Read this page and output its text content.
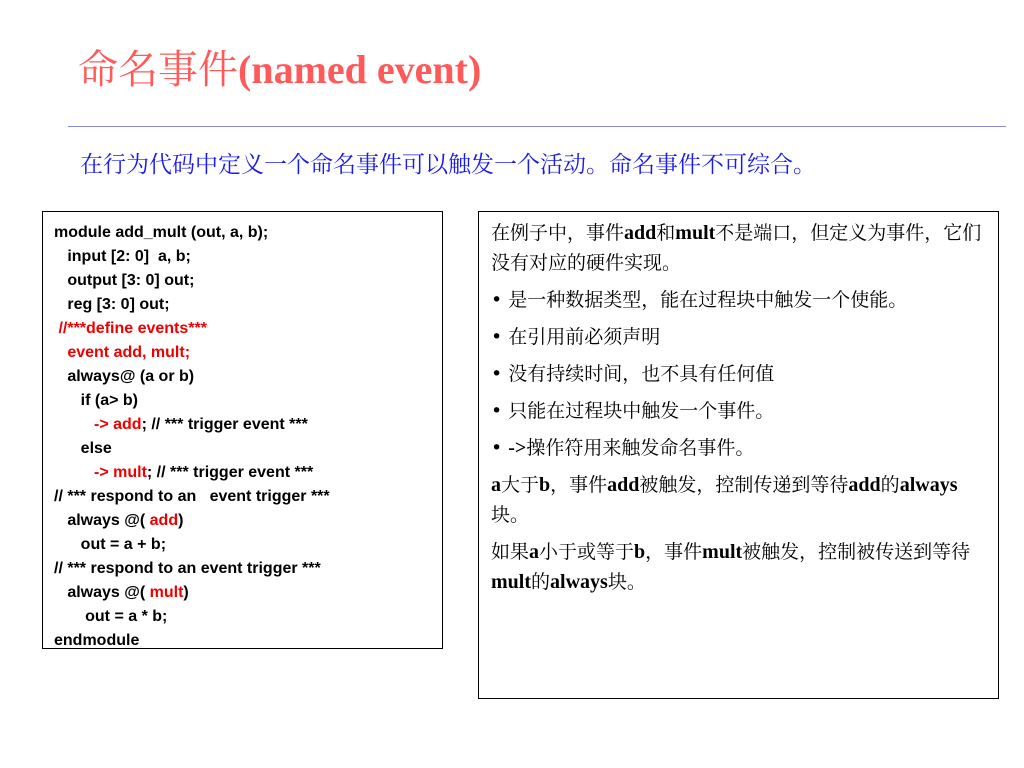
命名事件(named event)
在行为代码中定义一个命名事件可以触发一个活动。命名事件不可综合。
module add_mult (out, a, b);
input [2: 0]  a, b;
output [3: 0] out;
reg [3: 0] out;
//***define events***
event add, mult;
always@ (a or b)
if (a> b)
-> add; // *** trigger event ***
else
-> mult; // *** trigger event ***
// *** respond to an   event trigger ***
always @( add)
out = a + b;
// *** respond to an event trigger ***
always @( mult)
out = a * b;
endmodule

在例子中，事件add和mult不是端口，但定义为事件，它们没有对应的硬件实现。

• 是一种数据类型，能在过程块中触发一个使能。

• 在引用前必须声明

• 没有持续时间，也不具有任何值

• 只能在过程块中触发一个事件。

• ->操作符用来触发命名事件。

a大于b，事件add被触发，控制传递到等待add的always块。

如果a小于或等于b，事件mult被触发，控制被传送到等待mult的always块。
